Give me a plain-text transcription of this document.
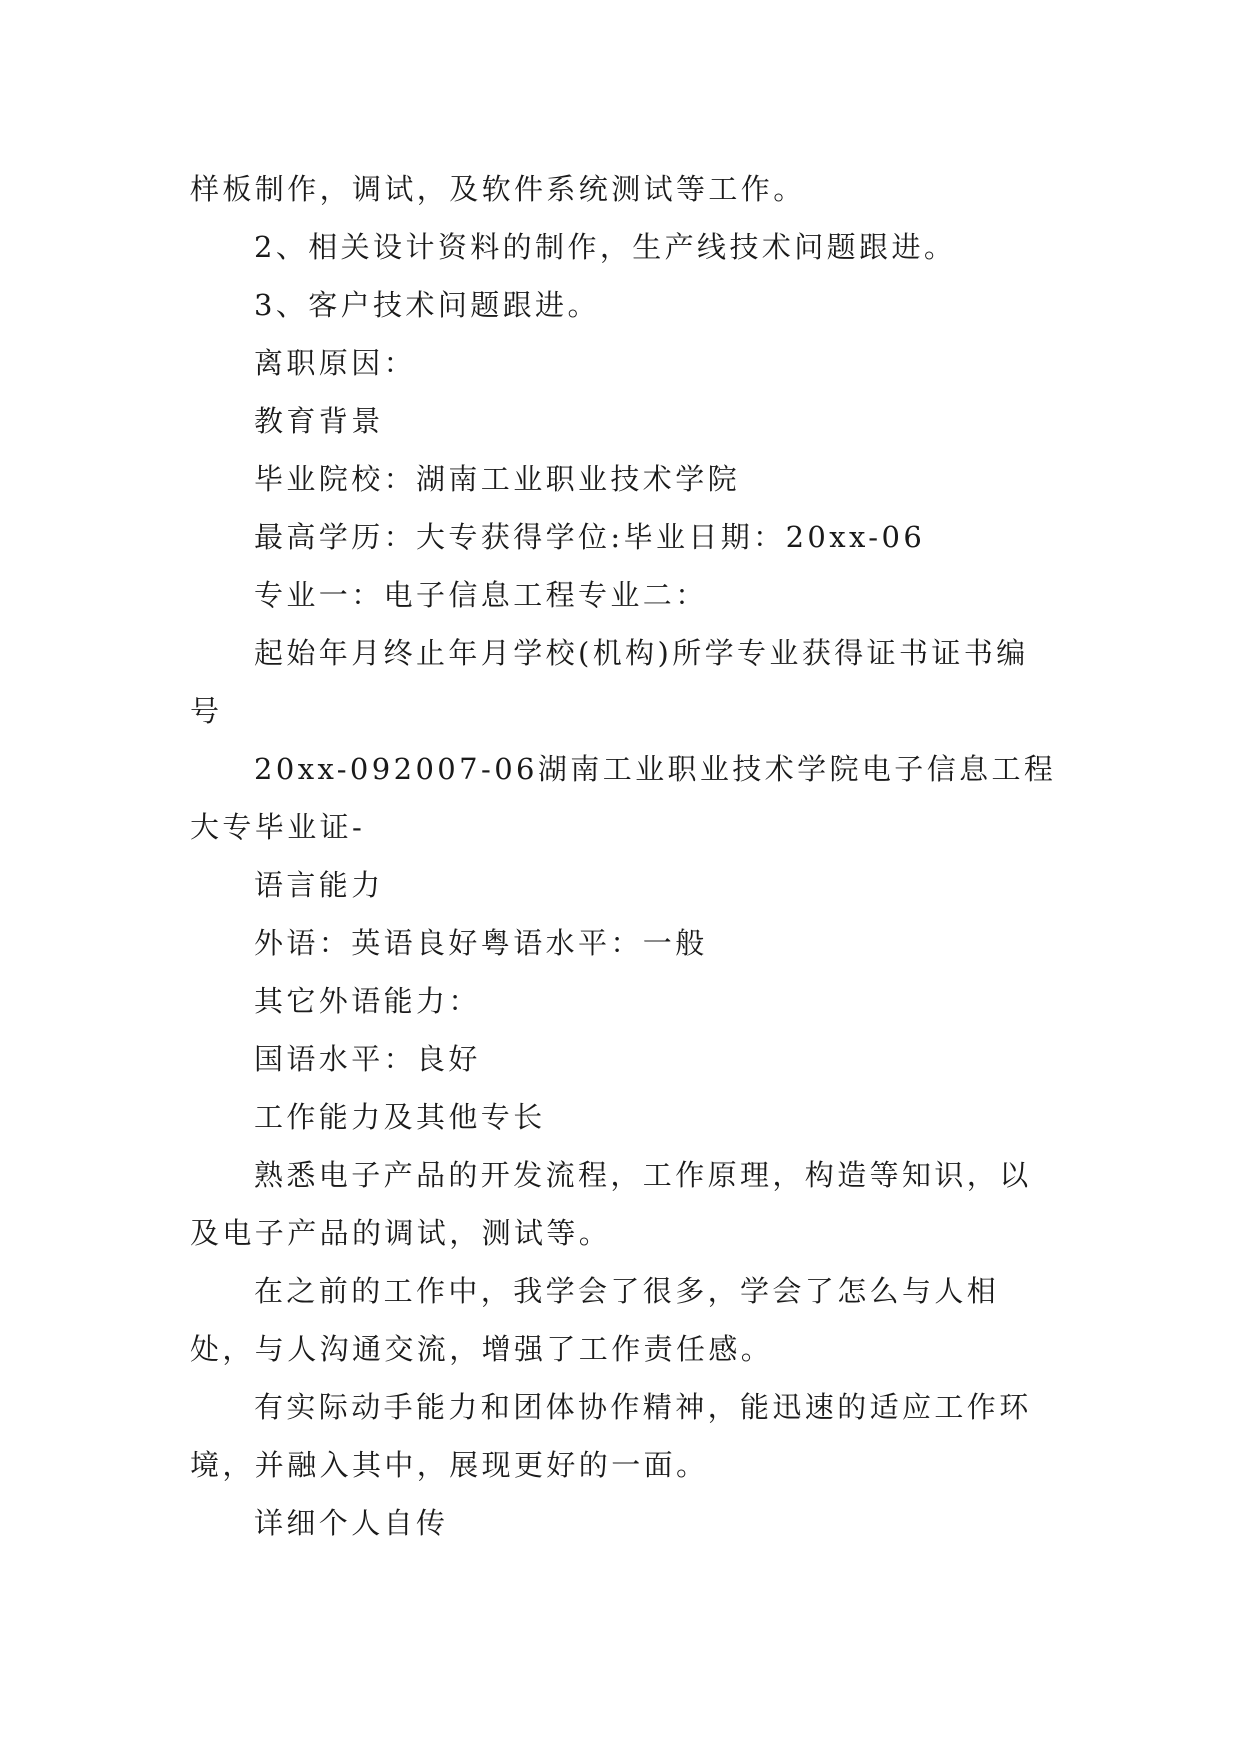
样板制作，调试，及软件系统测试等工作。

2、相关设计资料的制作，生产线技术问题跟进。

3、客户技术问题跟进。

离职原因：

教育背景

毕业院校：湖南工业职业技术学院

最高学历：大专获得学位:毕业日期：20xx-06

专业一：电子信息工程专业二：

起始年月终止年月学校(机构)所学专业获得证书证书编号

20xx-092007-06湖南工业职业技术学院电子信息工程大专毕业证-

语言能力

外语：英语良好粤语水平：一般

其它外语能力：

国语水平：良好

工作能力及其他专长

熟悉电子产品的开发流程，工作原理，构造等知识，以及电子产品的调试，测试等。

在之前的工作中，我学会了很多，学会了怎么与人相处，与人沟通交流，增强了工作责任感。

有实际动手能力和团体协作精神，能迅速的适应工作环境，并融入其中，展现更好的一面。

详细个人自传
